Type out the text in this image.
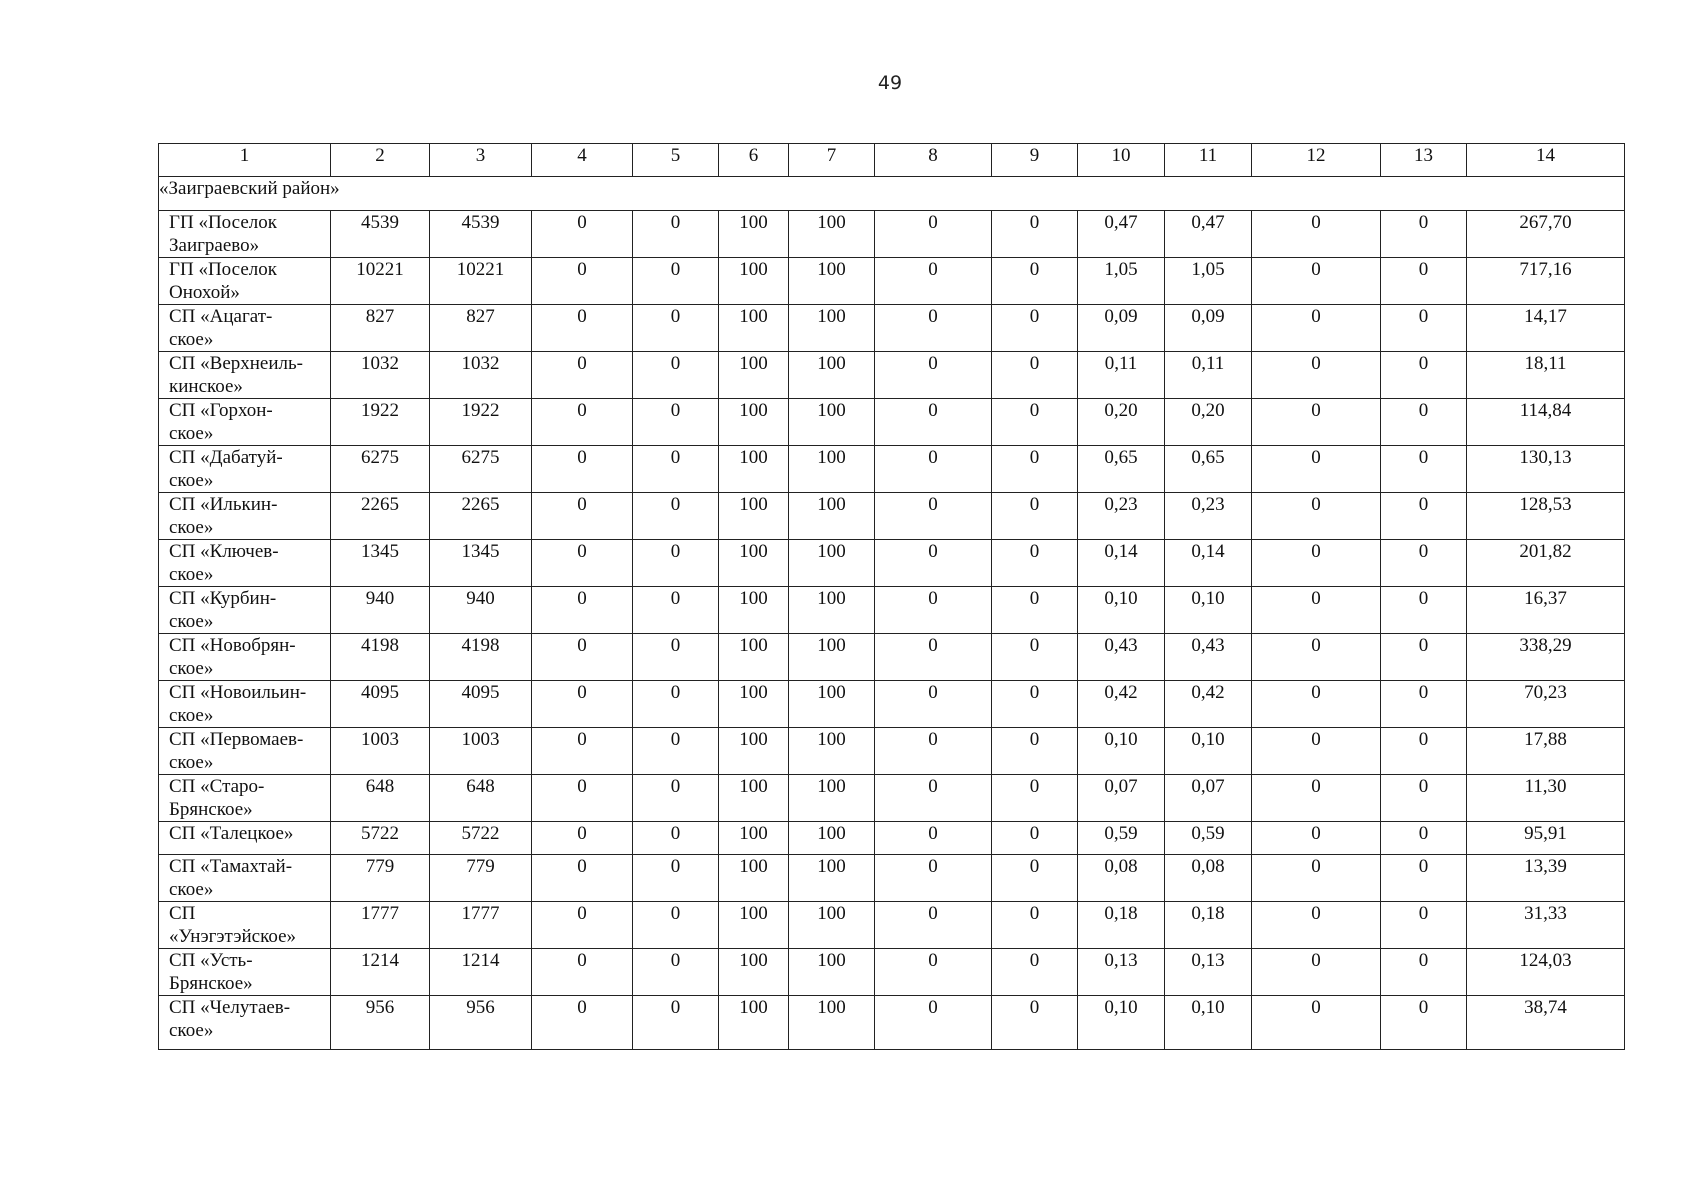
49
1	2	3	4	5	6	7	8	9	10	11	12	13	14
«Заиграевский район»													
ГП «Поселок
Заиграево»	4539	4539	0	0	100	100	0	0	0,47	0,47	0	0	267,70
ГП «Поселок
Онохой»	10221	10221	0	0	100	100	0	0	1,05	1,05	0	0	717,16
СП «Ацагат-
ское»	827	827	0	0	100	100	0	0	0,09	0,09	0	0	14,17
СП «Верхнеиль-
кинское»	1032	1032	0	0	100	100	0	0	0,11	0,11	0	0	18,11
СП «Горхон-
ское»	1922	1922	0	0	100	100	0	0	0,20	0,20	0	0	114,84
СП «Дабатуй-
ское»	6275	6275	0	0	100	100	0	0	0,65	0,65	0	0	130,13
СП «Илькин-
ское»	2265	2265	0	0	100	100	0	0	0,23	0,23	0	0	128,53
СП «Ключев-
ское»	1345	1345	0	0	100	100	0	0	0,14	0,14	0	0	201,82
СП «Курбин-
ское»	940	940	0	0	100	100	0	0	0,10	0,10	0	0	16,37
СП «Новобрян-
ское»	4198	4198	0	0	100	100	0	0	0,43	0,43	0	0	338,29
СП «Новоильин-
ское»	4095	4095	0	0	100	100	0	0	0,42	0,42	0	0	70,23
СП «Первомаев-
ское»	1003	1003	0	0	100	100	0	0	0,10	0,10	0	0	17,88
СП «Старо-
Брянское»	648	648	0	0	100	100	0	0	0,07	0,07	0	0	11,30
СП «Талецкое»	5722	5722	0	0	100	100	0	0	0,59	0,59	0	0	95,91
СП «Тамахтай-
ское»	779	779	0	0	100	100	0	0	0,08	0,08	0	0	13,39
СП
«Унэгэтэйское»	1777	1777	0	0	100	100	0	0	0,18	0,18	0	0	31,33
СП «Усть-
Брянское»	1214	1214	0	0	100	100	0	0	0,13	0,13	0	0	124,03
СП «Челутаев-
ское»	956	956	0	0	100	100	0	0	0,10	0,10	0	0	38,74
